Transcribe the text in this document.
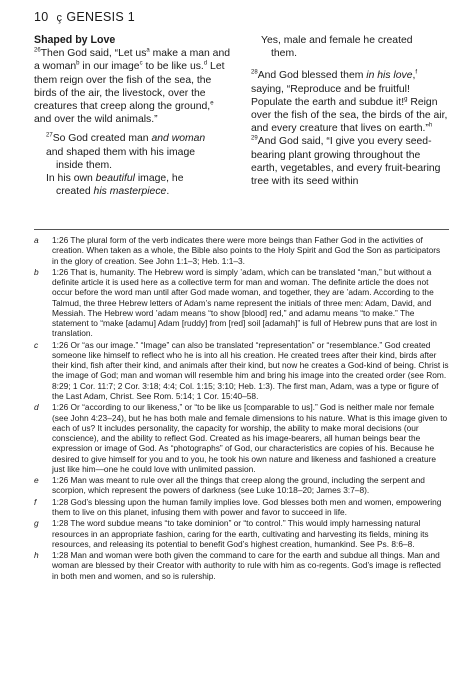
10 ç GENESIS 1

Shaped by Love

$^{26}$Then God said, “Let $us^a$ make a man and a woman$^b$ in our image$^c$ to be like us.$^d$ Let them reign over the fish of the sea, the birds of the air, the livestock, over the creatures that creep along the ground,$^e$ and over the wild animals.”

$^{27}$So God created man and woman
and shaped them with his image
inside them.
In his own beautiful image, he
created his masterpiece.
Yes, male and female he created
them.

$^{28}$And God blessed them in his love,$^f$ saying, “Reproduce and be fruitful! Populate the earth and subdue it!$^g$ Reign over the fish of the sea, the birds of the air, and every creature that lives on earth.”$^h$

$^{29}$And God said, “I give you every seed-bearing plant growing throughout the earth, vegetables, and every fruit-bearing tree with its seed within

a 1:26 The plural form of the verb indicates there were more beings than Father God in the activities of creation. When taken as a whole, the Bible also points to the Holy Spirit and God the Son as participators in the glory of creation. See John 1:1–3; Heb. 1:1–3.
b 1:26 That is, humanity. The Hebrew word is simply ’adam, which can be translated “man,” but without a definite article it is used here as a collective term for man and woman. The definite article the does not occur before the word man until after God made woman, and together, they are ’adam. According to the Talmud, the three Hebrew letters of Adam’s name represent the initials of three men: Adam, David, and Messiah. The Hebrew word ’adam means “to show [blood] red,” and adamu means “to make.” The statement to “make [adamu] Adam [ruddy] from [red] soil [adamah]” is full of Hebrew puns that are lost in translation.
c 1:26 Or “as our image.” “Image” can also be translated “representation” or “resemblance.” God created someone like himself to reflect who he is into all his creation. He created trees after their kind, birds after their kind, fish after their kind, and animals after their kind, but now he creates a God-kind of being. Christ is the image of God; man and woman will resemble him and bring his image into the created order (see Rom. 8:29; 1 Cor. 11:7; 2 Cor. 3:18; 4:4; Col. 1:15; 3:10; Heb. 1:3). The first man, Adam, was a type or figure of the Last Adam, Christ. See Rom. 5:14; 1 Cor. 15:40–58.
d 1:26 Or “according to our likeness,” or “to be like us [comparable to us].” God is neither male nor female (see John 4:23–24), but he has both male and female dimensions to his nature. What is this image given to each of us? It includes personality, the capacity for worship, the ability to make moral decisions (our conscience), and the ability to reflect God. Created as his image-bearers, all human beings bear the expression or image of God. As “photographs” of God, our characteristics are copies of his. Because he desired to give himself for you and to you, he took his own nature and likeness and fashioned a creature just like him—one he could love with unlimited passion.
e 1:26 Man was meant to rule over all the things that creep along the ground, including the serpent and scorpion, which represent the powers of darkness (see Luke 10:18–20; James 3:7–8).
f 1:28 God’s blessing upon the human family implies love. God blesses both men and women, empowering them to live on this planet, infusing them with power and favor to succeed in life.
g 1:28 The word subdue means “to take dominion” or “to control.” This would imply harnessing natural resources in an appropriate fashion, caring for the earth, cultivating and harvesting its fields, mining its resources, and releasing its potential to benefit God’s highest creation, humankind. See Ps. 8:6–8.
h 1:28 Man and woman were both given the command to care for the earth and subdue all things. Man and woman are blessed by their Creator with authority to rule with him as co-regents. God’s image is reflected in both men and women, and so is rulership.
